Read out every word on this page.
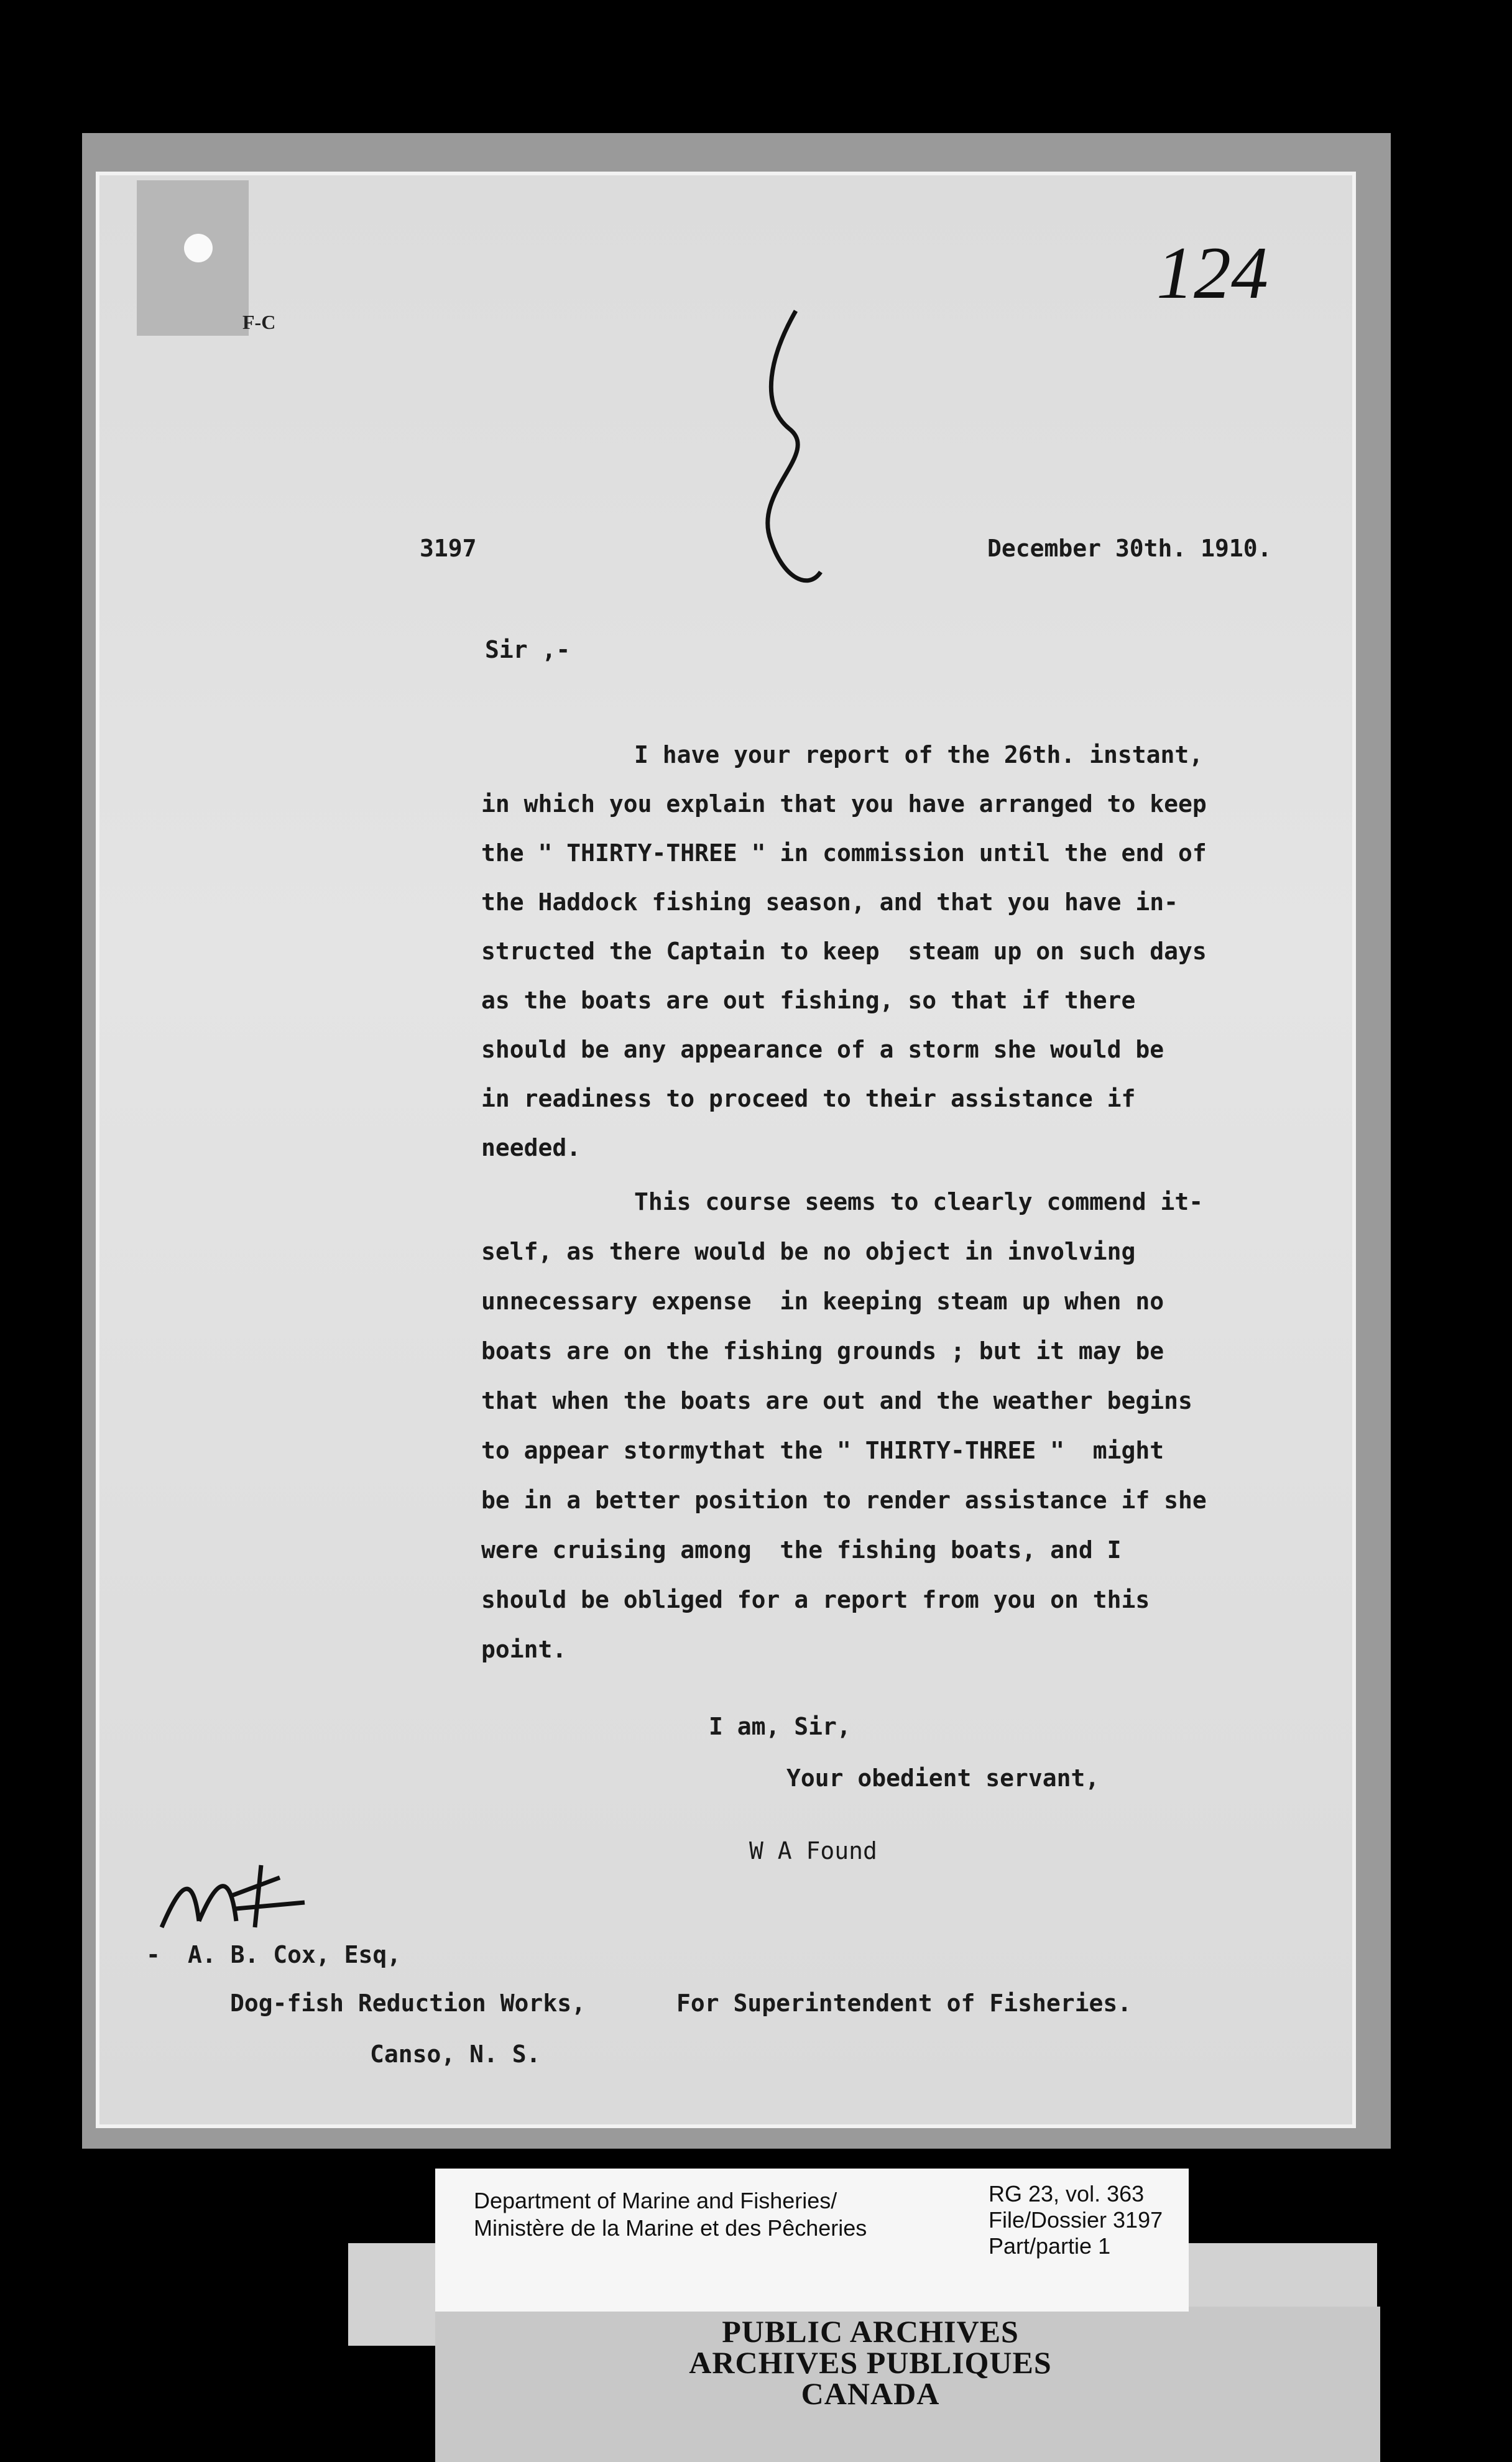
F-C
124
3197	December 30th. 1910.
Sir ,-
I have your report of the 26th. instant,
in which you explain that you have arranged to keep
the " THIRTY-THREE " in commission until the end of
the Haddock fishing season, and that you have in-
structed the Captain to keep  steam up on such days
as the boats are out fishing, so that if there
should be any appearance of a storm she would be
in readiness to proceed to their assistance if
needed.
This course seems to clearly commend it-
self, as there would be no object in involving
unnecessary expense  in keeping steam up when no
boats are on the fishing grounds ; but it may be
that when the boats are out and the weather begins
to appear stormythat the " THIRTY-THREE "  might
be in a better position to render assistance if she
were cruising among  the fishing boats, and I
should be obliged for a report from you on this
point.
I am, Sir,
Your obedient servant,
W A Found
- A. B. Cox, Esq,
Dog-fish Reduction Works,	For Superintendent of Fisheries.
Canso, N. S.
Department of Marine and Fisheries/
Ministère de la Marine et des Pêcheries
RG 23, vol. 363
File/Dossier 3197
Part/partie 1
PUBLIC ARCHIVES
ARCHIVES PUBLIQUES
CANADA
